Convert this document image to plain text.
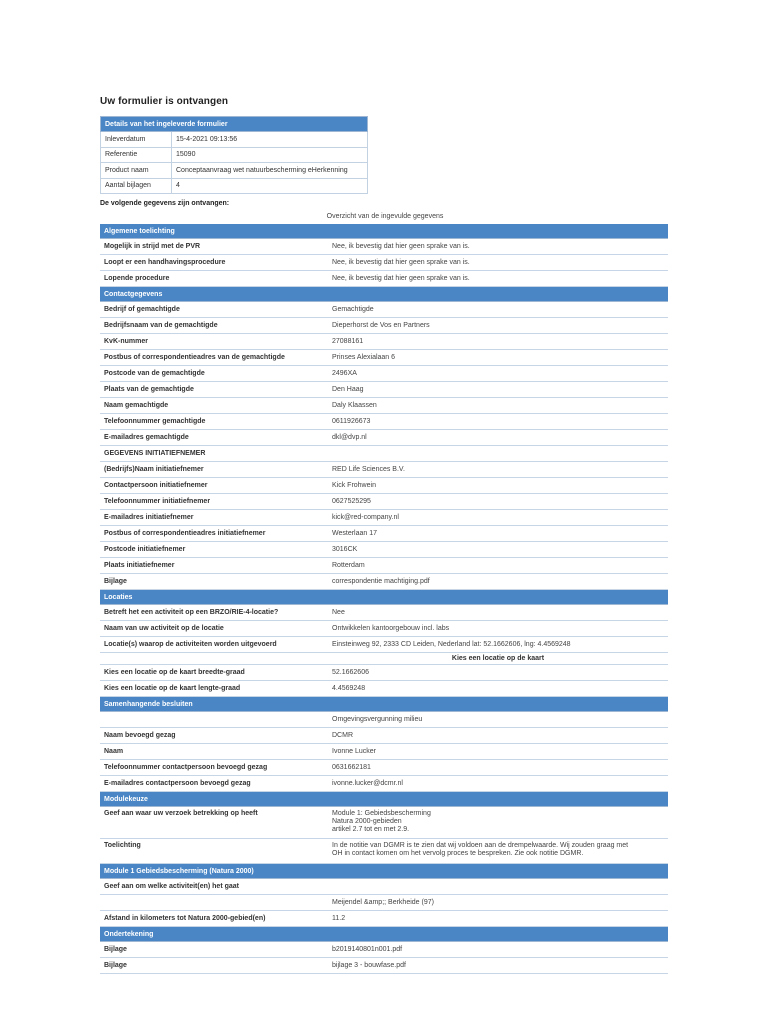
Uw formulier is ontvangen
Details van het ingeleverde formulier	
Inleverdatum	15-4-2021 09:13:56
Referentie	15090
Product naam	Conceptaanvraag wet natuurbescherming eHerkenning
Aantal bijlagen	4
De volgende gegevens zijn ontvangen:
Overzicht van de ingevulde gegevens
Algemene toelichting
Mogelijk in strijd met de PVR	Nee, ik bevestig dat hier geen sprake van is.
Loopt er een handhavingsprocedure	Nee, ik bevestig dat hier geen sprake van is.
Lopende procedure	Nee, ik bevestig dat hier geen sprake van is.
Contactgegevens
Bedrijf of gemachtigde	Gemachtigde
Bedrijfsnaam van de gemachtigde	Dieperhorst de Vos en Partners
KvK-nummer	27088161
Postbus of correspondentieadres van de gemachtigde	Prinses Alexialaan 6
Postcode van de gemachtigde	2496XA
Plaats van de gemachtigde	Den Haag
Naam gemachtigde	Daly Klaassen
Telefoonnummer gemachtigde	0611926673
E-mailadres gemachtigde	dkl@dvp.nl
GEGEVENS INITIATIEFNEMER
(Bedrijfs)Naam initiatiefnemer	RED Life Sciences B.V.
Contactpersoon initiatiefnemer	Kick Frohwein
Telefoonnummer initiatiefnemer	0627525295
E-mailadres initiatiefnemer	kick@red-company.nl
Postbus of correspondentieadres initiatiefnemer	Westerlaan 17
Postcode initiatiefnemer	3016CK
Plaats initiatiefnemer	Rotterdam
Bijlage	correspondentie machtiging.pdf
Locaties
Betreft het een activiteit op een BRZO/RIE-4-locatie?	Nee
Naam van uw activiteit op de locatie	Ontwikkelen kantoorgebouw incl. labs
Locatie(s) waarop de activiteiten worden uitgevoerd	Einsteinweg 92, 2333 CD Leiden, Nederland lat: 52.1662606, lng: 4.4569248
Kies een locatie op de kaart
Kies een locatie op de kaart breedte-graad	52.1662606
Kies een locatie op de kaart lengte-graad	4.4569248
Samenhangende besluiten
Omgevingsvergunning milieu
Naam bevoegd gezag	DCMR
Naam	Ivonne Lucker
Telefoonnummer contactpersoon bevoegd gezag	0631662181
E-mailadres contactpersoon bevoegd gezag	ivonne.lucker@dcmr.nl
Modulekeuze
Geef aan waar uw verzoek betrekking op heeft	Module 1: Gebiedsbescherming
Natura 2000-gebieden
artikel 2.7 tot en met 2.9.
Toelichting	In de notitie van DGMR is te zien dat wij voldoen aan de drempelwaarde. Wij zouden graag met
OH in contact komen om het vervolg proces te bespreken. Zie ook notitie DGMR.
Module 1 Gebiedsbescherming (Natura 2000)
Geef aan om welke activiteit(en) het gaat
Meijendel &amp;; Berkheide (97)
Afstand in kilometers tot Natura 2000-gebied(en)	11.2
Ondertekening
Bijlage	b2019140801n001.pdf
Bijlage	bijlage 3 - bouwfase.pdf
